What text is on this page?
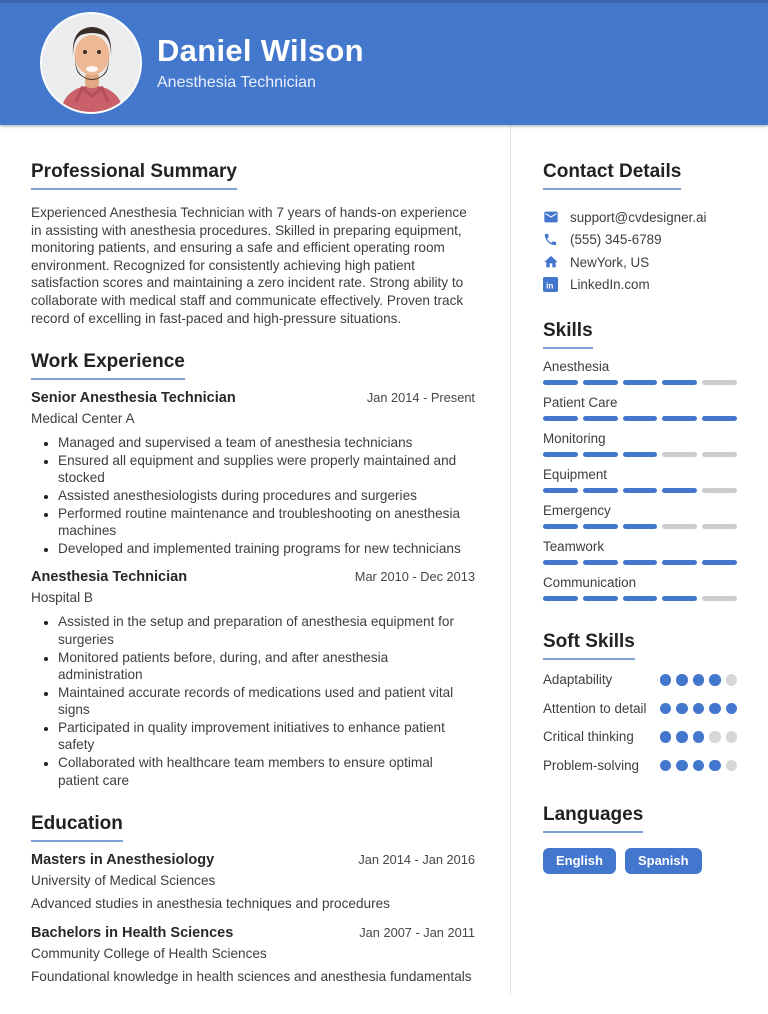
Daniel Wilson
Anesthesia Technician
Professional Summary
Experienced Anesthesia Technician with 7 years of hands-on experience in assisting with anesthesia procedures. Skilled in preparing equipment, monitoring patients, and ensuring a safe and efficient operating room environment. Recognized for consistently achieving high patient satisfaction scores and maintaining a zero incident rate. Strong ability to collaborate with medical staff and communicate effectively. Proven track record of excelling in fast-paced and high-pressure situations.
Work Experience
Senior Anesthesia Technician	Jan 2014 - Present
Medical Center A
• Managed and supervised a team of anesthesia technicians
• Ensured all equipment and supplies were properly maintained and stocked
• Assisted anesthesiologists during procedures and surgeries
• Performed routine maintenance and troubleshooting on anesthesia machines
• Developed and implemented training programs for new technicians
Anesthesia Technician	Mar 2010 - Dec 2013
Hospital B
• Assisted in the setup and preparation of anesthesia equipment for surgeries
• Monitored patients before, during, and after anesthesia administration
• Maintained accurate records of medications used and patient vital signs
• Participated in quality improvement initiatives to enhance patient safety
• Collaborated with healthcare team members to ensure optimal patient care
Education
Masters in Anesthesiology	Jan 2014 - Jan 2016
University of Medical Sciences
Advanced studies in anesthesia techniques and procedures
Bachelors in Health Sciences	Jan 2007 - Jan 2011
Community College of Health Sciences
Foundational knowledge in health sciences and anesthesia fundamentals
Contact Details
support@cvdesigner.ai
(555) 345-6789
NewYork, US
in LinkedIn.com
Skills
Anesthesia
Patient Care
Monitoring
Equipment
Emergency
Teamwork
Communication
Soft Skills
Adaptability
Attention to detail
Critical thinking
Problem-solving
Languages
English	Spanish
